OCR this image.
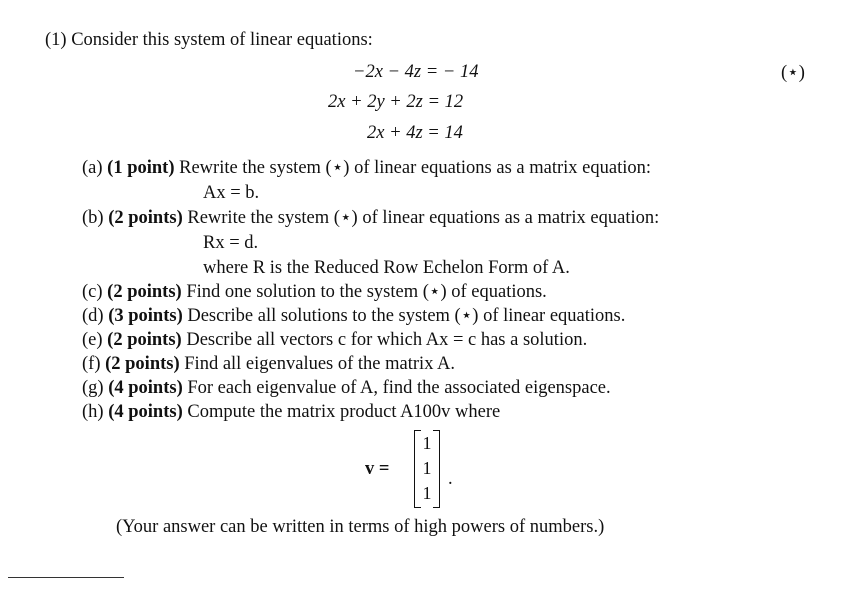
(1) Consider this system of linear equations:
−2x − 4z = − 14
2x + 2y + 2z = 12
2x + 4z = 14
(⋆)
(a) (1 point) Rewrite the system (⋆) of linear equations as a matrix equation:
Ax = b.
(b) (2 points) Rewrite the system (⋆) of linear equations as a matrix equation:
Rx = d.
where R is the Reduced Row Echelon Form of A.
(c) (2 points) Find one solution to the system (⋆) of equations.
(d) (3 points) Describe all solutions to the system (⋆) of linear equations.
(e) (2 points) Describe all vectors c for which Ax = c has a solution.
(f) (2 points) Find all eigenvalues of the matrix A.
(g) (4 points) For each eigenvalue of A, find the associated eigenspace.
(h) (4 points) Compute the matrix product A100v where
v =
1
1
1
.
(Your answer can be written in terms of high powers of numbers.)
